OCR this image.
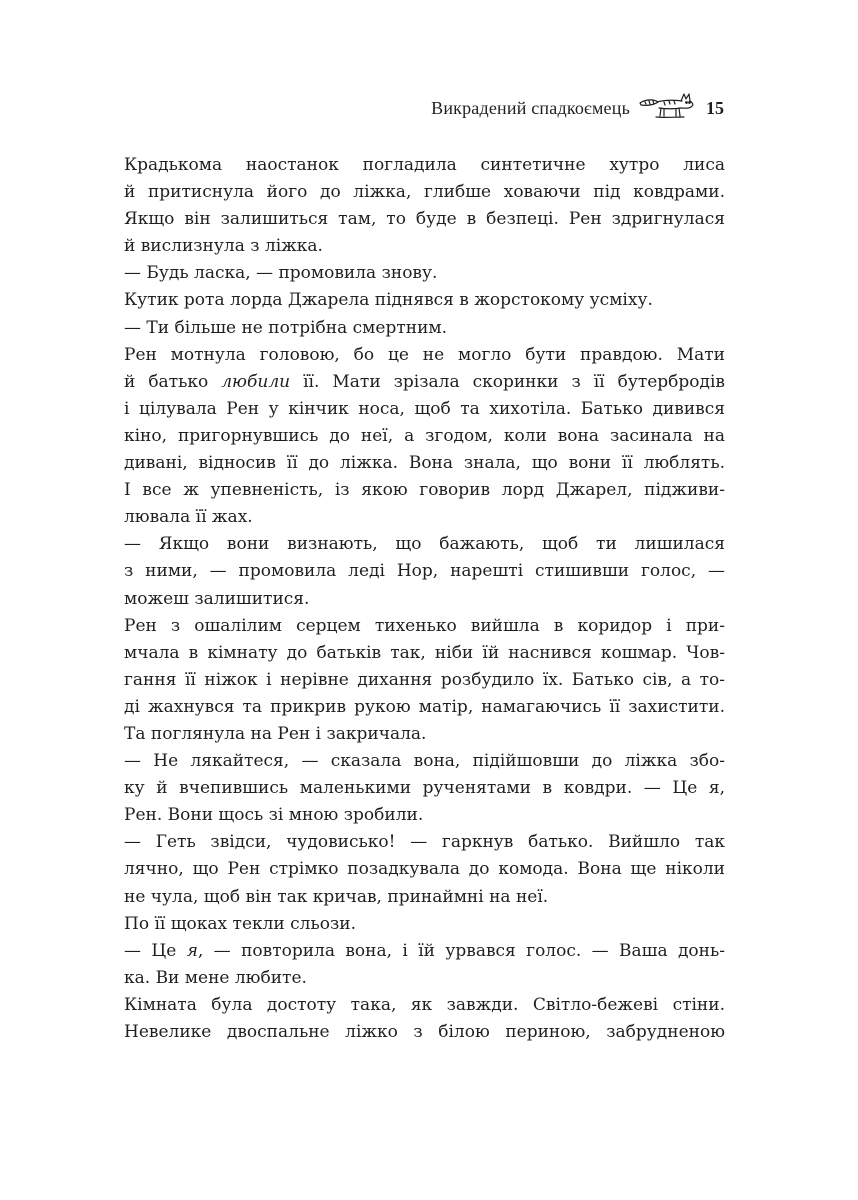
Викрадений спадкоємець	15
Крадькома наостанок погладила синтетичне хутро лиса
й притиснула його до ліжка, глибше ховаючи під ковдрами.
Якщо він залишиться там, то буде в безпеці. Рен здригнулася
й вислизнула з ліжка.
— Будь ласка, — промовила знову.
Кутик рота лорда Джарела піднявся в жорстокому усміху.
— Ти більше не потрібна смертним.
Рен мотнула головою, бо це не могло бути правдою. Мати
й батько любили її. Мати зрізала скоринки з її бутербродів
і цілувала Рен у кінчик носа, щоб та хихотіла. Батько дивився
кіно, пригорнувшись до неї, а згодом, коли вона засинала на
дивані, відносив її до ліжка. Вона знала, що вони її люблять.
І все ж упевненість, із якою говорив лорд Джарел, підживи-
лювала її жах.
— Якщо вони визнають, що бажають, щоб ти лишилася
з ними, — промовила леді Нор, нарешті стишивши голос, —
можеш залишитися.
Рен з ошалілим серцем тихенько вийшла в коридор і при-
мчала в кімнату до батьків так, ніби їй наснився кошмар. Чов-
гання її ніжок і нерівне дихання розбудило їх. Батько сів, а то-
ді жахнувся та прикрив рукою матір, намагаючись її захистити.
Та поглянула на Рен і закричала.
— Не лякайтеся, — сказала вона, підійшовши до ліжка збо-
ку й вчепившись маленькими рученятами в ковдри. — Це я,
Рен. Вони щось зі мною зробили.
— Геть звідси, чудовисько! — гаркнув батько. Вийшло так
лячно, що Рен стрімко позадкувала до комода. Вона ще ніколи
не чула, щоб він так кричав, принаймні на неї.
По її щоках текли сльози.
— Це я, — повторила вона, і їй урвався голос. — Ваша донь-
ка. Ви мене любите.
Кімната була достоту така, як завжди. Світло-бежеві стіни.
Невелике двоспальне ліжко з білою периною, забрудненою
